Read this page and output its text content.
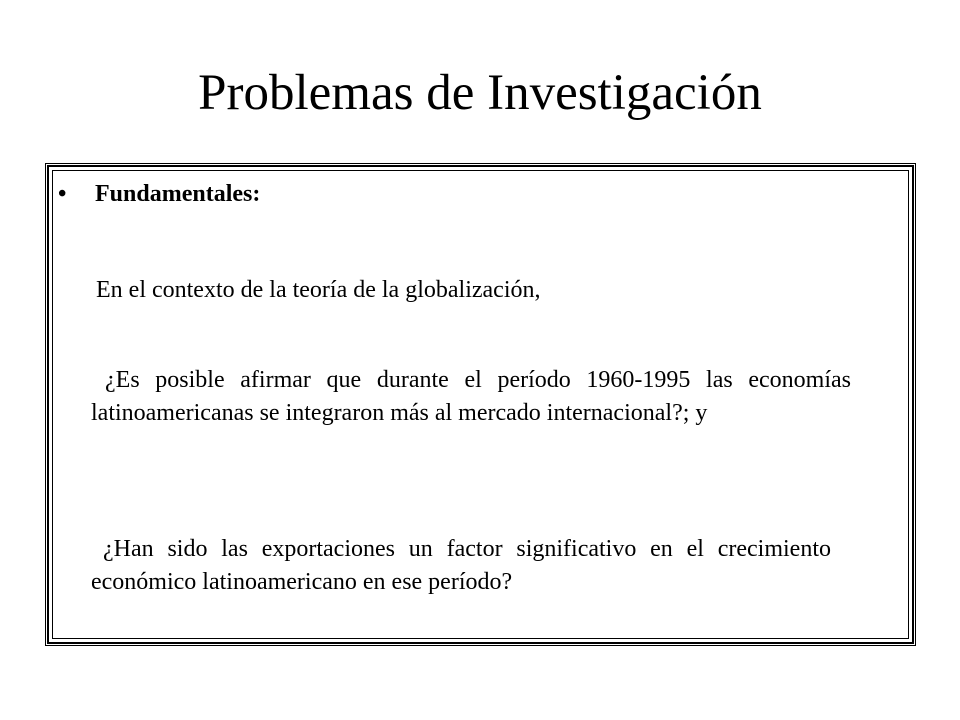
Problemas de Investigación
•	Fundamentales:
En el contexto de la teoría de la globalización,
¿Es posible afirmar que durante el período 1960-1995 las economías latinoamericanas se integraron más al mercado internacional?; y
¿Han sido las exportaciones un factor significativo en el crecimiento económico latinoamericano en ese período?
